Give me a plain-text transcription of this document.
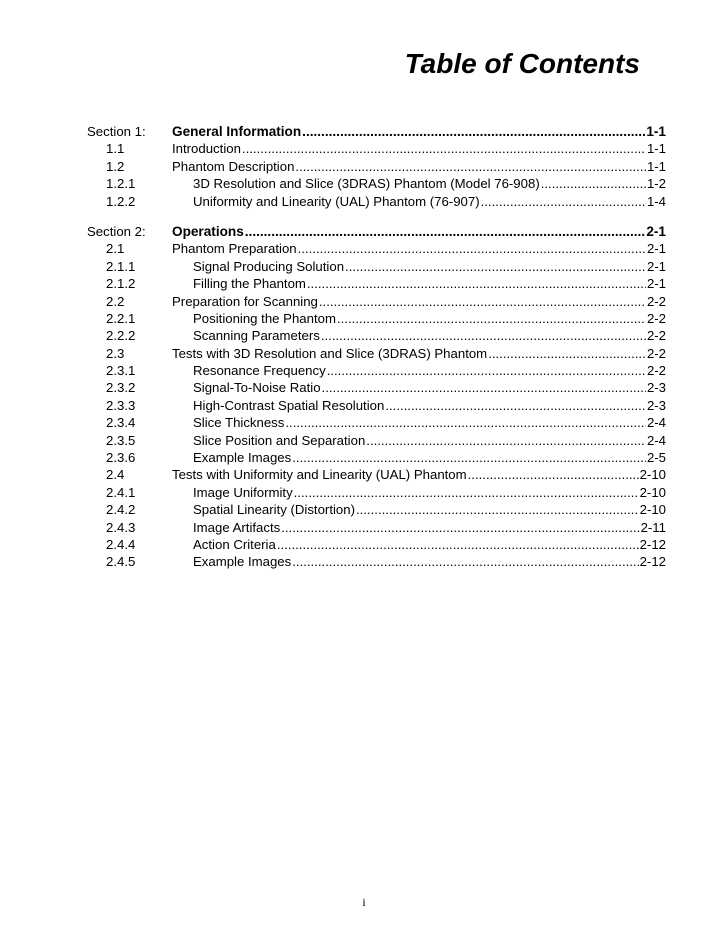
Table of Contents
Section 1: General Information .....	1-1
1.1	Introduction .....	1-1
1.2	Phantom Description .....	1-1
1.2.1	3D Resolution and Slice (3DRAS) Phantom (Model 76-908) .....	1-2
1.2.2	Uniformity and Linearity (UAL) Phantom (76-907) .....	1-4
Section 2: Operations .....	2-1
2.1	Phantom Preparation .....	2-1
2.1.1	Signal Producing Solution .....	2-1
2.1.2	Filling the Phantom .....	2-1
2.2	Preparation for Scanning .....	2-2
2.2.1	Positioning the Phantom .....	2-2
2.2.2	Scanning Parameters .....	2-2
2.3	Tests with 3D Resolution and Slice (3DRAS) Phantom .....	2-2
2.3.1	Resonance Frequency .....	2-2
2.3.2	Signal-To-Noise Ratio .....	2-3
2.3.3	High-Contrast Spatial Resolution .....	2-3
2.3.4	Slice Thickness .....	2-4
2.3.5	Slice Position and Separation .....	2-4
2.3.6	Example Images .....	2-5
2.4	Tests with Uniformity and Linearity (UAL) Phantom .....	2-10
2.4.1	Image Uniformity .....	2-10
2.4.2	Spatial Linearity (Distortion) .....	2-10
2.4.3	Image Artifacts .....	2-11
2.4.4	Action Criteria .....	2-12
2.4.5	Example Images .....	2-12
i
